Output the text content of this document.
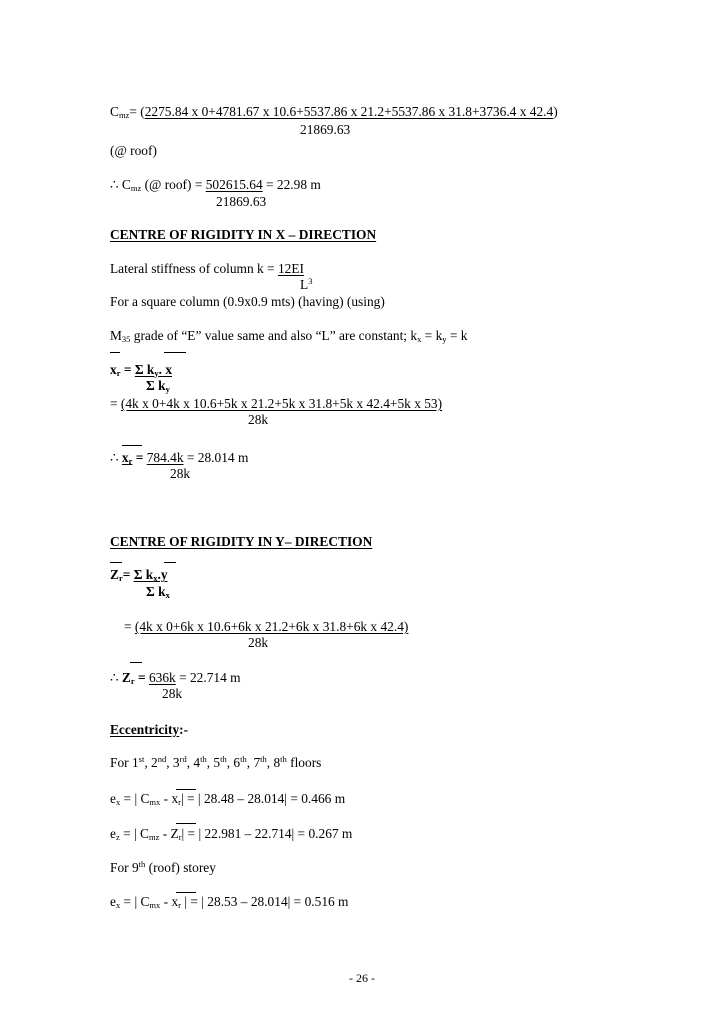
$C_{mz}= (2275.84$ x 0+4781.67 x 10.6+5537.86 x 21.2+5537.86 x 31.8+3736.4 x 42.4)
21869.63
(@ roof)
∴ $C_{mz}$ (@ roof) = 502615.64 = 22.98 m
21869.63
CENTRE OF RIGIDITY IN X – DIRECTION
Lateral stiffness of column k = 12EI
$L^3$
For a square column (0.9x0.9 mts) (having) (using)
$M_{35}$ grade of “E” value same and also “L” are constant; $k_x = k_y = k$
$x_r = \Sigma$ $k_y$. x
Σ $k_y$
= (4k x 0+4k x 10.6+5k x 21.2+5k x 31.8+5k x 42.4+5k x 53)
28k
∴ $x_r = 784.4k = 28.014$ m
28k
CENTRE OF RIGIDITY IN Y– DIRECTION
$Z_r= \Sigma$ $k_x.y$
Σ $k_x$
= (4k x 0+6k x 10.6+6k x 21.2+6k x 31.8+6k x 42.4)
28k
∴ $Z_r = 636k = 22.714$ m
28k
Eccentricity:-
For 1st, 2nd, 3rd, 4th, 5th, 6th, 7th, 8th floors
$e_x$ = | $C_{mx} - x_r|$ = | 28.48 – 28.014| = 0.466 m
$e_z$ = | $C_{mz} - Z_r|$ = | 22.981 – 22.714| = 0.267 m
For 9th (roof) storey
$e_x$ = | $C_{mx} - x_r$ | = | 28.53 – 28.014| = 0.516 m
- 26 -
